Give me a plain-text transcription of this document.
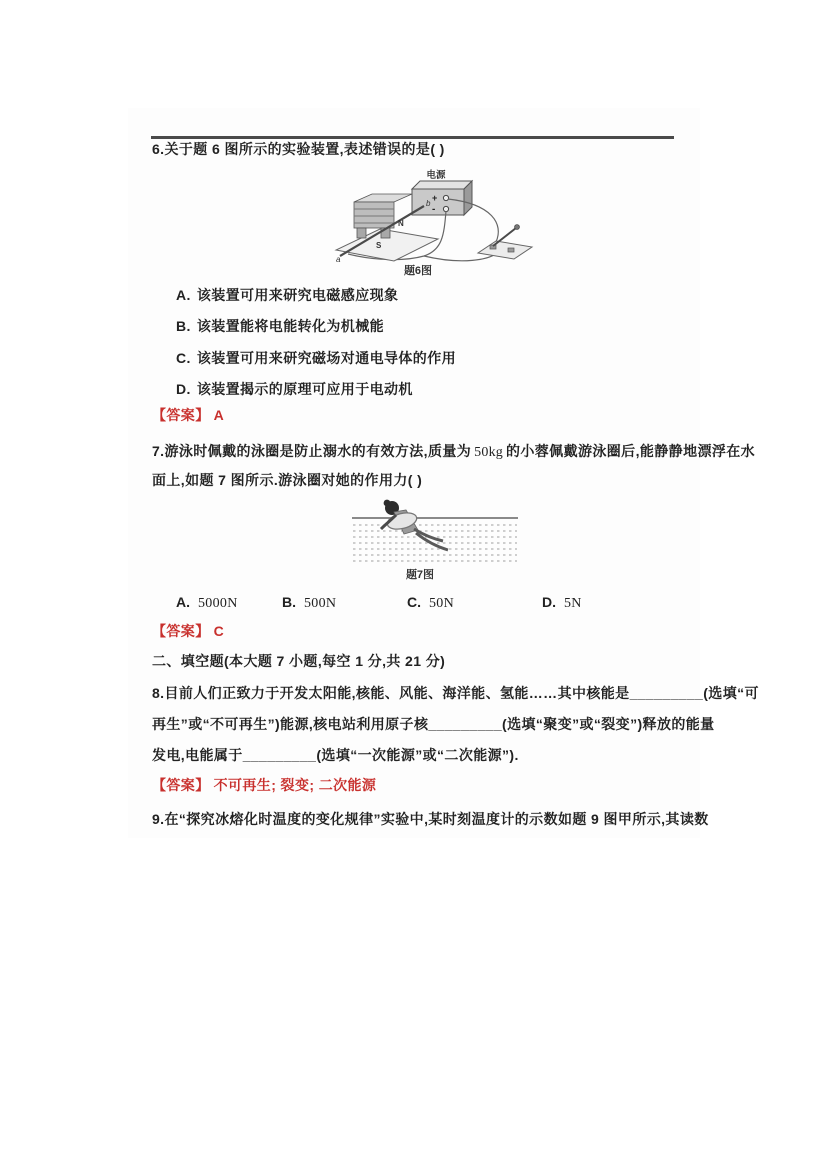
6.关于题 6 图所示的实验装置,表述错误的是( )
电源
+
-
a
b
N
S
题6图
A. 该装置可用来研究电磁感应现象
B. 该装置能将电能转化为机械能
C. 该装置可用来研究磁场对通电导体的作用
D. 该装置揭示的原理可应用于电动机
【答案】 A
7.游泳时佩戴的泳圈是防止溺水的有效方法,质量为 50kg 的小蓉佩戴游泳圈后,能静静地漂浮在水
面上,如题 7 图所示.游泳圈对她的作用力( )
题7图
A. 5000N	B. 500N	C. 50N	D. 5N
【答案】 C
二、填空题(本大题 7 小题,每空 1 分,共 21 分)
8.目前人们正致力于开发太阳能,核能、风能、海洋能、氢能……其中核能是_________(选填“可
再生”或“不可再生”)能源,核电站利用原子核_________(选填“聚变”或“裂变”)释放的能量
发电,电能属于_________(选填“一次能源”或“二次能源”).
【答案】 不可再生; 裂变; 二次能源
9.在“探究冰熔化时温度的变化规律”实验中,某时刻温度计的示数如题 9 图甲所示,其读数
